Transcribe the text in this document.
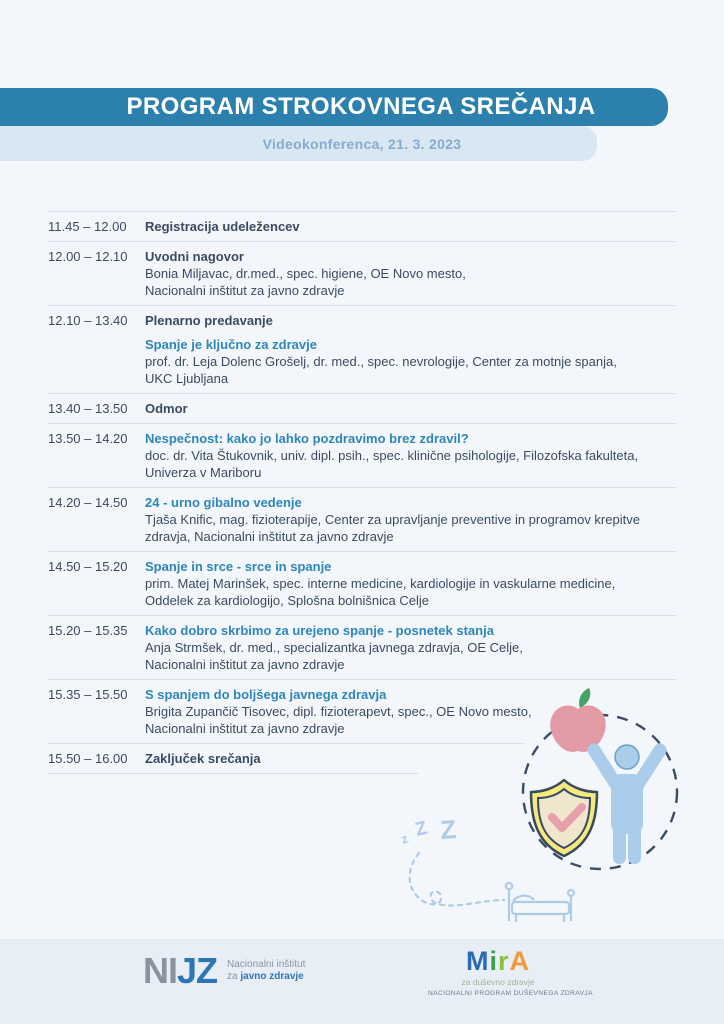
PROGRAM STROKOVNEGA SREČANJA
Videokonferenca, 21. 3. 2023
11.45 – 12.00	Registracija udeležencev
12.00 – 12.10	Uvodni nagovor
Bonia Miljavac, dr.med., spec. higiene, OE Novo mesto,
Nacionalni inštitut za javno zdravje
12.10 – 13.40	Plenarno predavanje
Spanje je ključno za zdravje
prof. dr. Leja Dolenc Grošelj, dr. med., spec. nevrologije, Center za motnje spanja,
UKC Ljubljana
13.40 – 13.50	Odmor
13.50 – 14.20	Nespečnost: kako jo lahko pozdravimo brez zdravil?
doc. dr. Vita Štukovnik, univ. dipl. psih., spec. klinične psihologije, Filozofska fakulteta,
Univerza v Mariboru
14.20 – 14.50	24 - urno gibalno vedenje
Tjaša Knific, mag. fizioterapije, Center za upravljanje preventive in programov krepitve
zdravja, Nacionalni inštitut za javno zdravje
14.50 – 15.20	Spanje in srce - srce in spanje
prim. Matej Marinšek, spec. interne medicine, kardiologije in vaskularne medicine,
Oddelek za kardiologijo, Splošna bolnišnica Celje
15.20 – 15.35	Kako dobro skrbimo za urejeno spanje - posnetek stanja
Anja Strmšek, dr. med., specializantka javnega zdravja, OE Celje,
Nacionalni inštitut za javno zdravje
15.35 – 15.50	S spanjem do boljšega javnega zdravja
Brigita Zupančič Tisovec, dipl. fizioterapevt, spec., OE Novo mesto,
Nacionalni inštitut za javno zdravje
15.50 – 16.00	Zaključek srečanja
z Z Z
NIJZ Nacionalni inštitut
za javno zdravje
MirA
za duševno zdravje
NACIONALNI PROGRAM DUŠEVNEGA ZDRAVJA
